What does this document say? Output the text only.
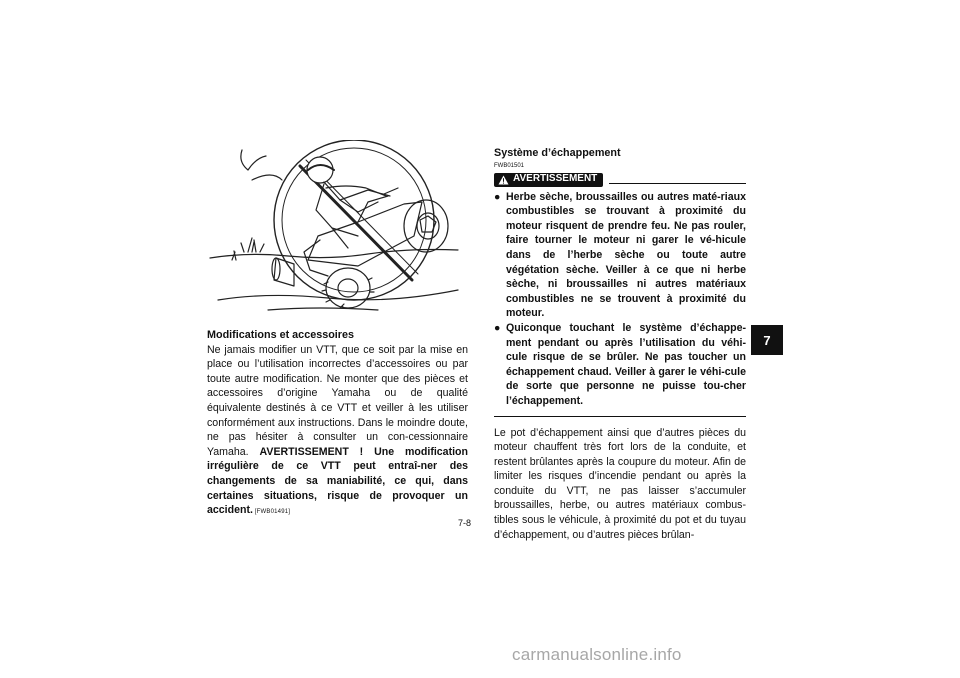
Modifications et accessoires

Ne jamais modifier un VTT, que ce soit par la mise en place ou l’utilisation incorrectes d’accessoires ou par toute autre modification. Ne monter que des pièces et accessoires d’origine Yamaha ou de qualité équivalente destinés à ce VTT et veiller à les utiliser conformément aux instructions. Dans le moindre doute, ne pas hésiter à consulter un con-cessionnaire Yamaha. AVERTISSEMENT ! Une modification irrégulière de ce VTT peut entraî-ner des changements de sa maniabilité, ce qui, dans certaines situations, risque de provoquer un accident. [FWB01491]

Système d’échappement
FWB01501
AVERTISSEMENT
● Herbe sèche, broussailles ou autres maté-riaux combustibles se trouvant à proximité du moteur risquent de prendre feu. Ne pas rouler, faire tourner le moteur ni garer le vé-hicule dans de l’herbe sèche ou toute autre végétation sèche. Veiller à ce que ni herbe sèche, ni broussailles ni autres matériaux combustibles ne se trouvent à proximité du moteur.
● Quiconque touchant le système d’échappe-ment pendant ou après l’utilisation du véhi-cule risque de se brûler. Ne pas toucher un échappement chaud. Veiller à garer le véhi-cule de sorte que personne ne puisse tou-cher l’échappement.

Le pot d’échappement ainsi que d’autres pièces du moteur chauffent très fort lors de la conduite, et restent brûlantes après la coupure du moteur. Afin de limiter les risques d’incendie pendant ou après la conduite du VTT, ne pas laisser s’accumuler broussailles, herbe, ou autres matériaux combus-tibles sous le véhicule, à proximité du pot et du tuyau d’échappement, ou d’autres pièces brûlan-

7-8
7
carmanualsonline.info
